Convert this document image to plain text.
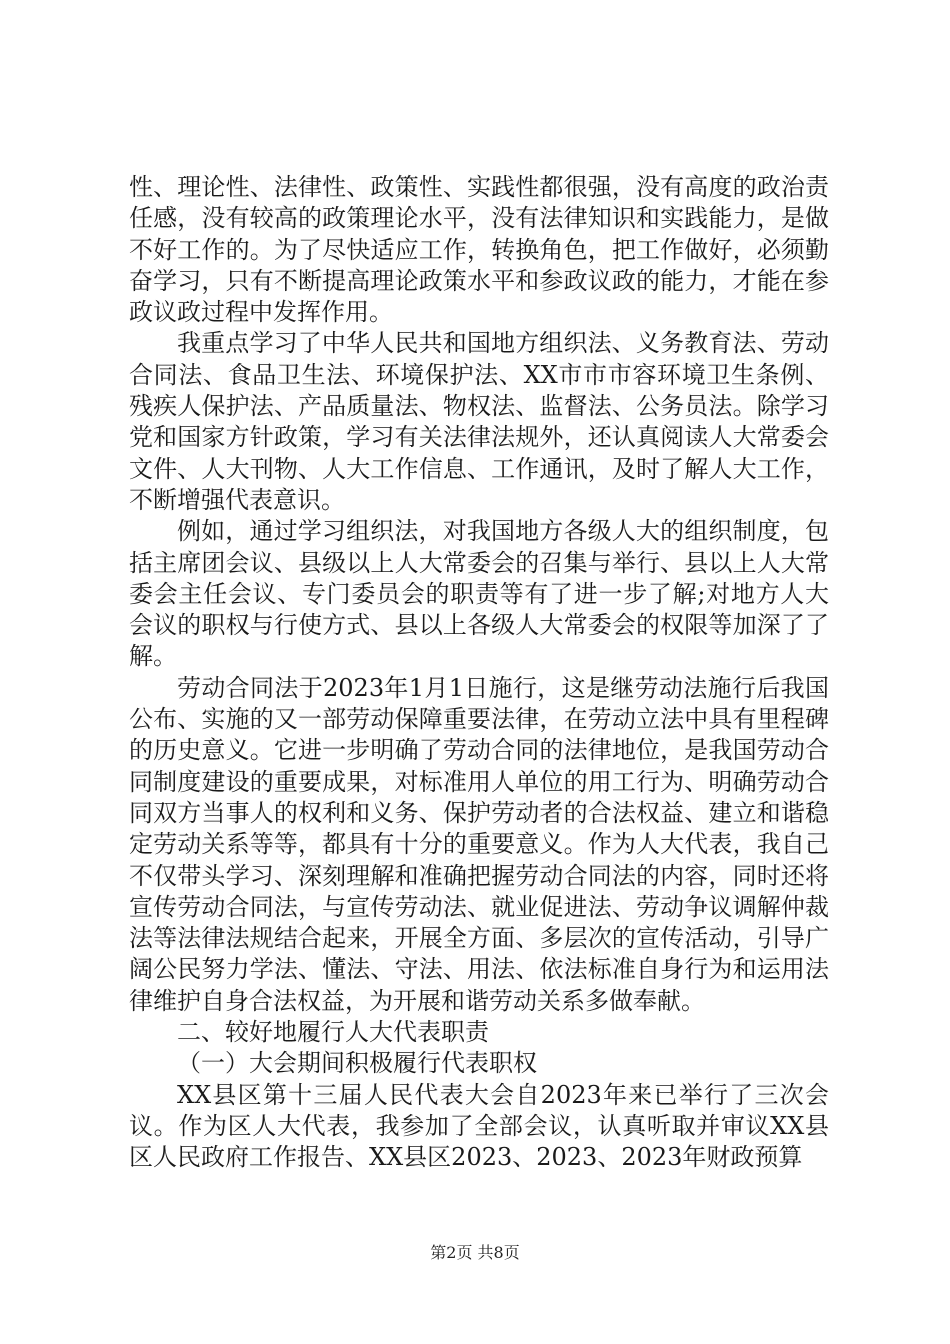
性、理论性、法律性、政策性、实践性都很强，没有高度的政治责任感，没有较高的政策理论水平，没有法律知识和实践能力，是做不好工作的。为了尽快适应工作，转换角色，把工作做好，必须勤奋学习，只有不断提高理论政策水平和参政议政的能力，才能在参政议政过程中发挥作用。

我重点学习了中华人民共和国地方组织法、义务教育法、劳动合同法、食品卫生法、环境保护法、XX市市市容环境卫生条例、残疾人保护法、产品质量法、物权法、监督法、公务员法。除学习党和国家方针政策，学习有关法律法规外，还认真阅读人大常委会文件、人大刊物、人大工作信息、工作通讯，及时了解人大工作，不断增强代表意识。

例如，通过学习组织法，对我国地方各级人大的组织制度，包括主席团会议、县级以上人大常委会的召集与举行、县以上人大常委会主任会议、专门委员会的职责等有了进一步了解;对地方人大会议的职权与行使方式、县以上各级人大常委会的权限等加深了了解。

劳动合同法于2023年1月1日施行，这是继劳动法施行后我国公布、实施的又一部劳动保障重要法律，在劳动立法中具有里程碑的历史意义。它进一步明确了劳动合同的法律地位，是我国劳动合同制度建设的重要成果，对标准用人单位的用工行为、明确劳动合同双方当事人的权利和义务、保护劳动者的合法权益、建立和谐稳定劳动关系等等，都具有十分的重要意义。作为人大代表，我自己不仅带头学习、深刻理解和准确把握劳动合同法的内容，同时还将宣传劳动合同法，与宣传劳动法、就业促进法、劳动争议调解仲裁法等法律法规结合起来，开展全方面、多层次的宣传活动，引导广阔公民努力学法、懂法、守法、用法、依法标准自身行为和运用法律维护自身合法权益，为开展和谐劳动关系多做奉献。

二、较好地履行人大代表职责

（一）大会期间积极履行代表职权

XX县区第十三届人民代表大会自2023年来已举行了三次会议。作为区人大代表，我参加了全部会议，认真听取并审议XX县区人民政府工作报告、XX县区2023、2023、2023年财政预算

第2页 共8页
